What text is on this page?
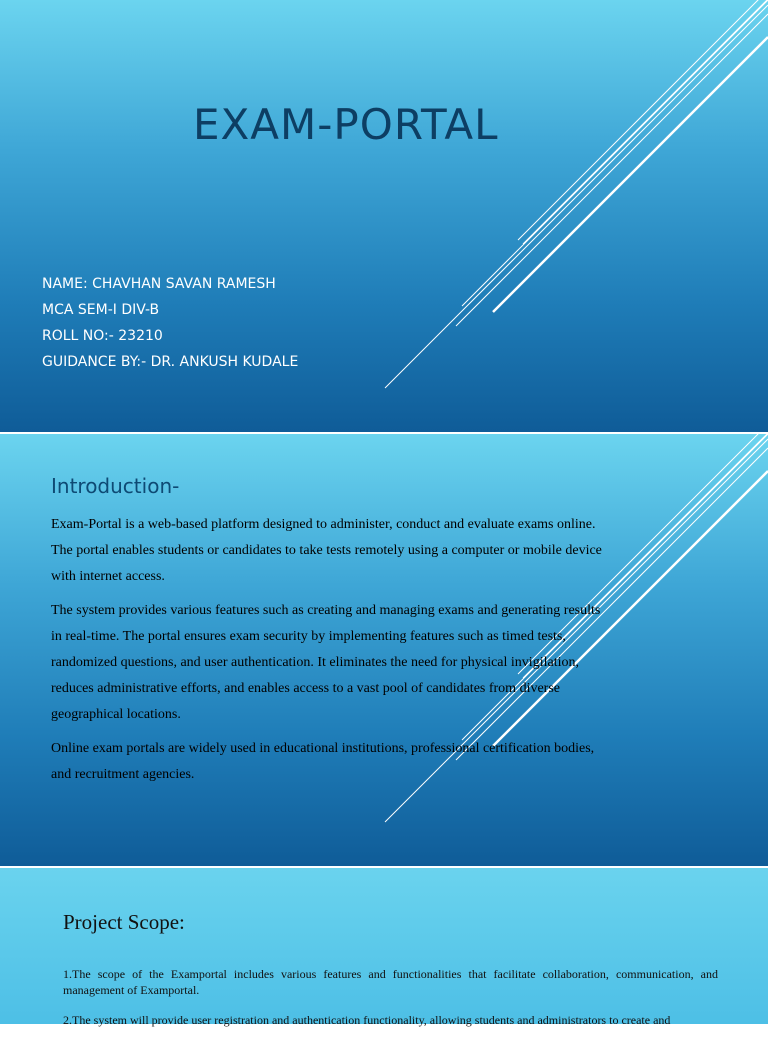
EXAM-PORTAL
NAME: CHAVHAN SAVAN RAMESH
MCA SEM-I DIV-B
ROLL NO:- 23210
GUIDANCE BY:- DR. ANKUSH KUDALE
Introduction-

Exam-Portal is a web-based platform designed to administer, conduct and evaluate exams online. The portal enables students or candidates to take tests remotely using a computer or mobile device with internet access.

The system provides various features such as creating and managing exams and generating results in real-time. The portal ensures exam security by implementing features such as timed tests, randomized questions, and user authentication. It eliminates the need for physical invigilation, reduces administrative efforts, and enables access to a vast pool of candidates from diverse geographical locations.

Online exam portals are widely used in educational institutions, professional certification bodies, and recruitment agencies.

Project Scope:

1.The scope of the Examportal includes various features and functionalities that facilitate collaboration, communication, and management of Examportal.

2.The system will provide user registration and authentication functionality, allowing students and administrators to create and
